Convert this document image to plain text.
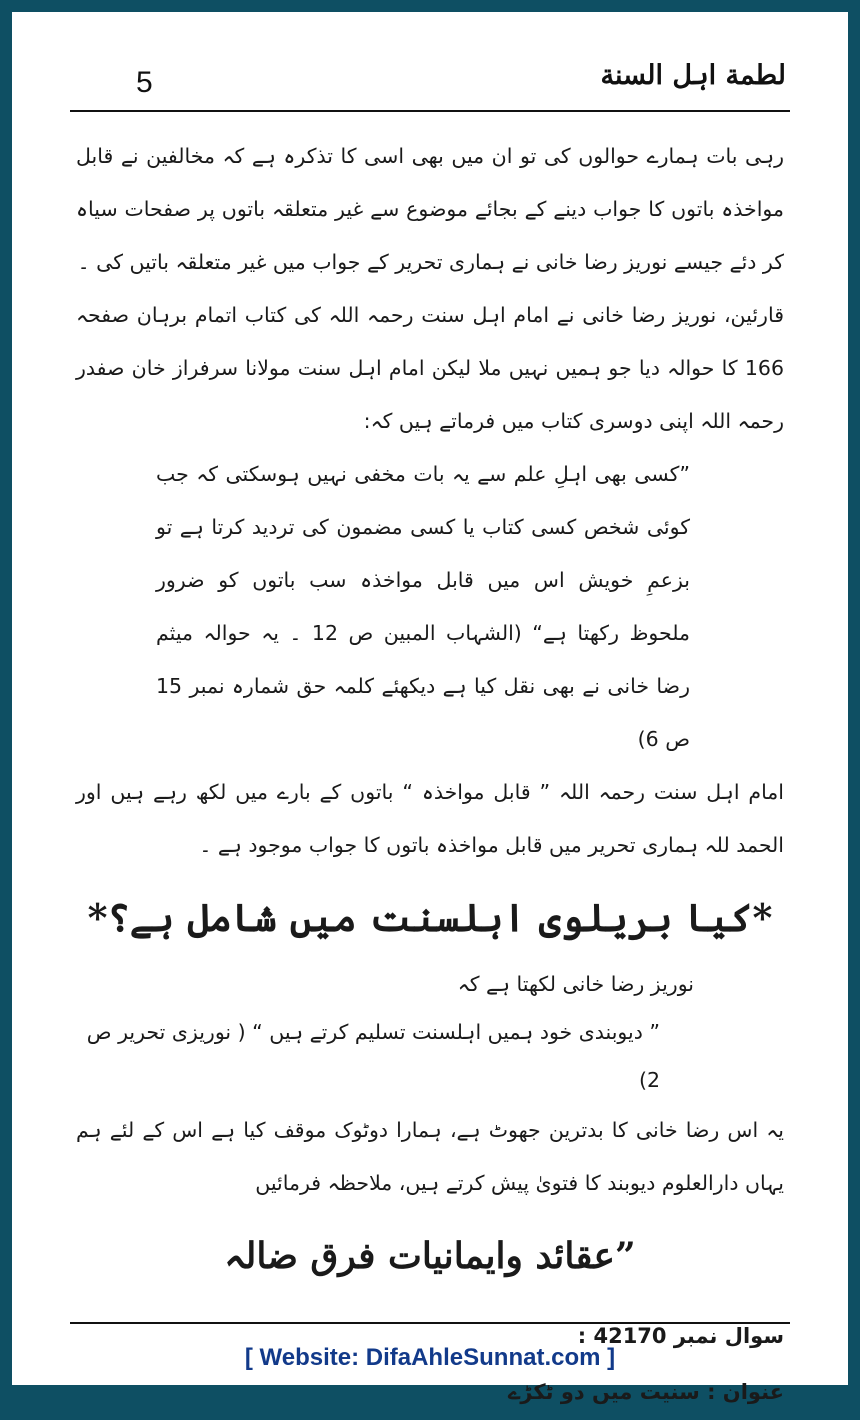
5	لطمة اہل السنة

رہی بات ہمارے حوالوں کی تو ان میں بھی اسی کا تذکرہ ہے کہ مخالفین نے قابل مواخذہ باتوں کا جواب دینے کے بجائے موضوع سے غیر متعلقہ باتوں پر صفحات سیاہ کر دئے جیسے نوریز رضا خانی نے ہماری تحریر کے جواب میں غیر متعلقہ باتیں کی ۔

قارئین، نوریز رضا خانی نے امام اہل سنت رحمہ اللہ کی کتاب اتمام برہان صفحہ 166 کا حوالہ دیا جو ہمیں نہیں ملا لیکن امام اہل سنت مولانا سرفراز خان صفدر رحمہ اللہ اپنی دوسری کتاب میں فرماتے ہیں کہ:

”کسی بھی اہلِ علم سے یہ بات مخفی نہیں ہوسکتی کہ جب کوئی شخص کسی کتاب یا کسی مضمون کی تردید کرتا ہے تو بزعمِ خویش اس میں قابل مواخذہ سب باتوں کو ضرور ملحوظ رکھتا ہے“ (الشہاب المبین ص 12 ۔ یہ حوالہ میثم رضا خانی نے بھی نقل کیا ہے دیکھئے کلمہ حق شمارہ نمبر 15 ص 6)

امام اہل سنت رحمہ اللہ ” قابل مواخذہ “ باتوں کے بارے میں لکھ رہے ہیں اور الحمد للہ ہماری تحریر میں قابل مواخذہ باتوں کا جواب موجود ہے ۔

*کیا بریلوی اہلسنت میں شامل ہے؟*

نوریز رضا خانی لکھتا ہے کہ

” دیوبندی خود ہمیں اہلسنت تسلیم کرتے ہیں “ ( نوریزی تحریر ص 2)

یہ اس رضا خانی کا بدترین جھوٹ ہے، ہمارا دوٹوک موقف کیا ہے اس کے لئے ہم یہاں دارالعلوم دیوبند کا فتویٰ پیش کرتے ہیں، ملاحظہ فرمائیں

”عقائد وایمانیات فرق ضالہ

سوال نمبر 42170 :

عنوان : سنیت میں دو ٹکڑے

[ Website: DifaAhleSunnat.com ]
